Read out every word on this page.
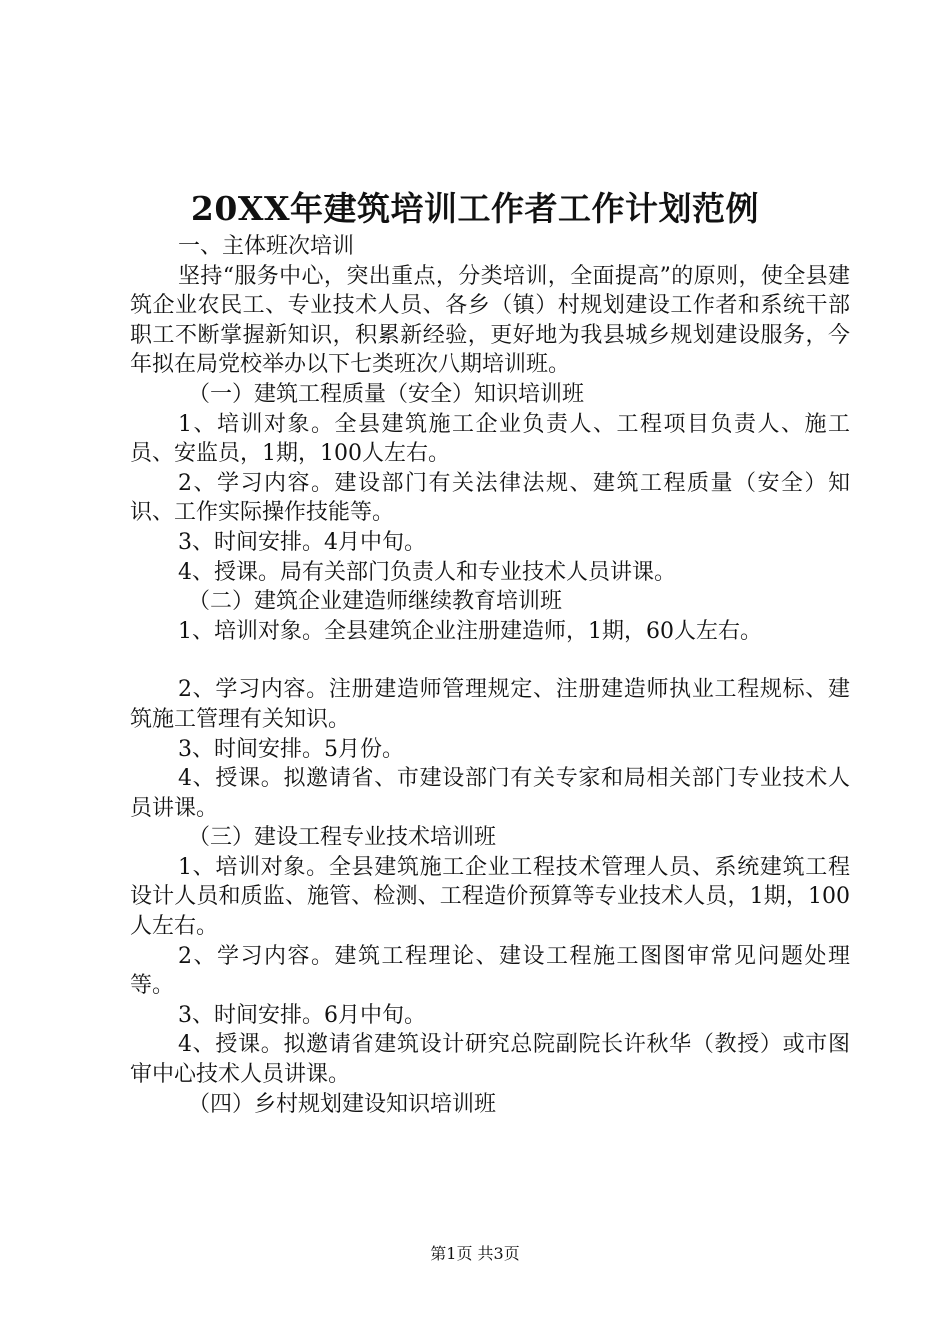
20XX年建筑培训工作者工作计划范例

一、主体班次培训

坚持“服务中心，突出重点，分类培训，全面提高”的原则，使全县建筑企业农民工、专业技术人员、各乡（镇）村规划建设工作者和系统干部职工不断掌握新知识，积累新经验，更好地为我县城乡规划建设服务，今年拟在局党校举办以下七类班次八期培训班。

（一）建筑工程质量（安全）知识培训班

1、培训对象。全县建筑施工企业负责人、工程项目负责人、施工员、安监员，1期，100人左右。

2、学习内容。建设部门有关法律法规、建筑工程质量（安全）知识、工作实际操作技能等。

3、时间安排。4月中旬。

4、授课。局有关部门负责人和专业技术人员讲课。

（二）建筑企业建造师继续教育培训班

1、培训对象。全县建筑企业注册建造师，1期，60人左右。

2、学习内容。注册建造师管理规定、注册建造师执业工程规标、建筑施工管理有关知识。

3、时间安排。5月份。

4、授课。拟邀请省、市建设部门有关专家和局相关部门专业技术人员讲课。

（三）建设工程专业技术培训班

1、培训对象。全县建筑施工企业工程技术管理人员、系统建筑工程设计人员和质监、施管、检测、工程造价预算等专业技术人员，1期，100人左右。

2、学习内容。建筑工程理论、建设工程施工图图审常见问题处理等。

3、时间安排。6月中旬。

4、授课。拟邀请省建筑设计研究总院副院长许秋华（教授）或市图审中心技术人员讲课。

（四）乡村规划建设知识培训班

第1页 共3页
